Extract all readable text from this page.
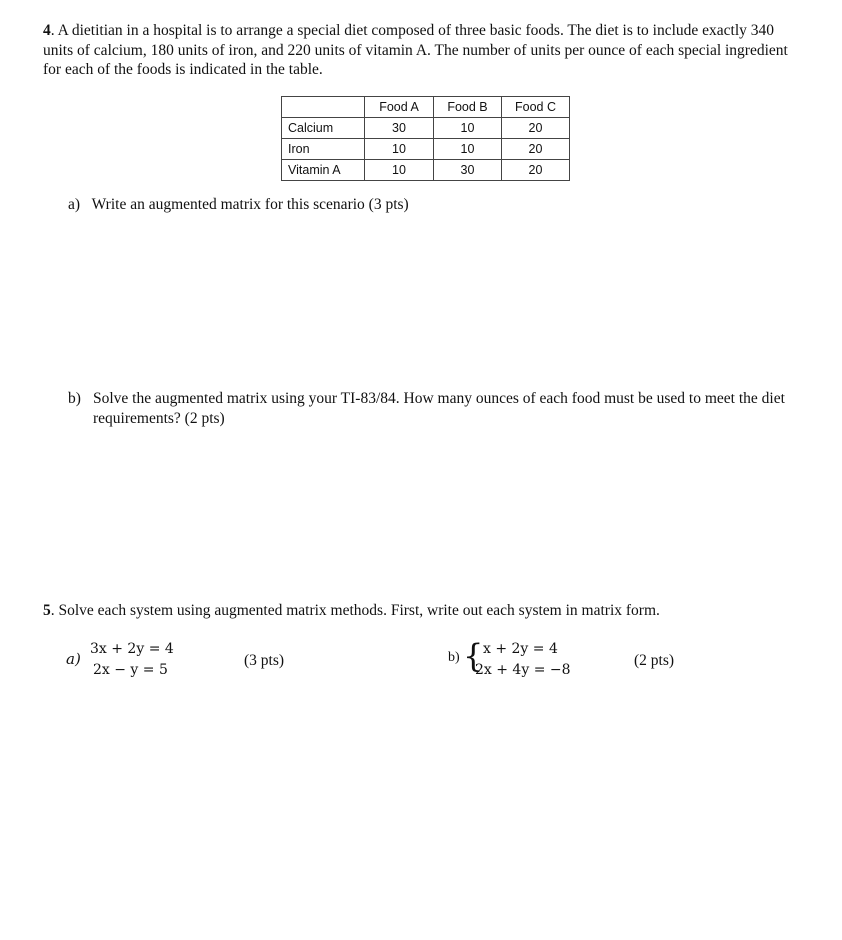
4. A dietitian in a hospital is to arrange a special diet composed of three basic foods. The diet is to include exactly 340 units of calcium, 180 units of iron, and 220 units of vitamin A. The number of units per ounce of each special ingredient for each of the foods is indicated in the table.
	Food A	Food B	Food C
Calcium	30	10	20
Iron	10	10	20
Vitamin A	10	30	20
a) Write an augmented matrix for this scenario (3 pts)
b) Solve the augmented matrix using your TI-83/84. How many ounces of each food must be used to meet the diet requirements? (2 pts)
5. Solve each system using augmented matrix methods. First, write out each system in matrix form.
a)
3x + 2y = 4
2x − y = 5
(3 pts)	b) { x + 2y = 4
2x + 4y = −8
(2 pts)
